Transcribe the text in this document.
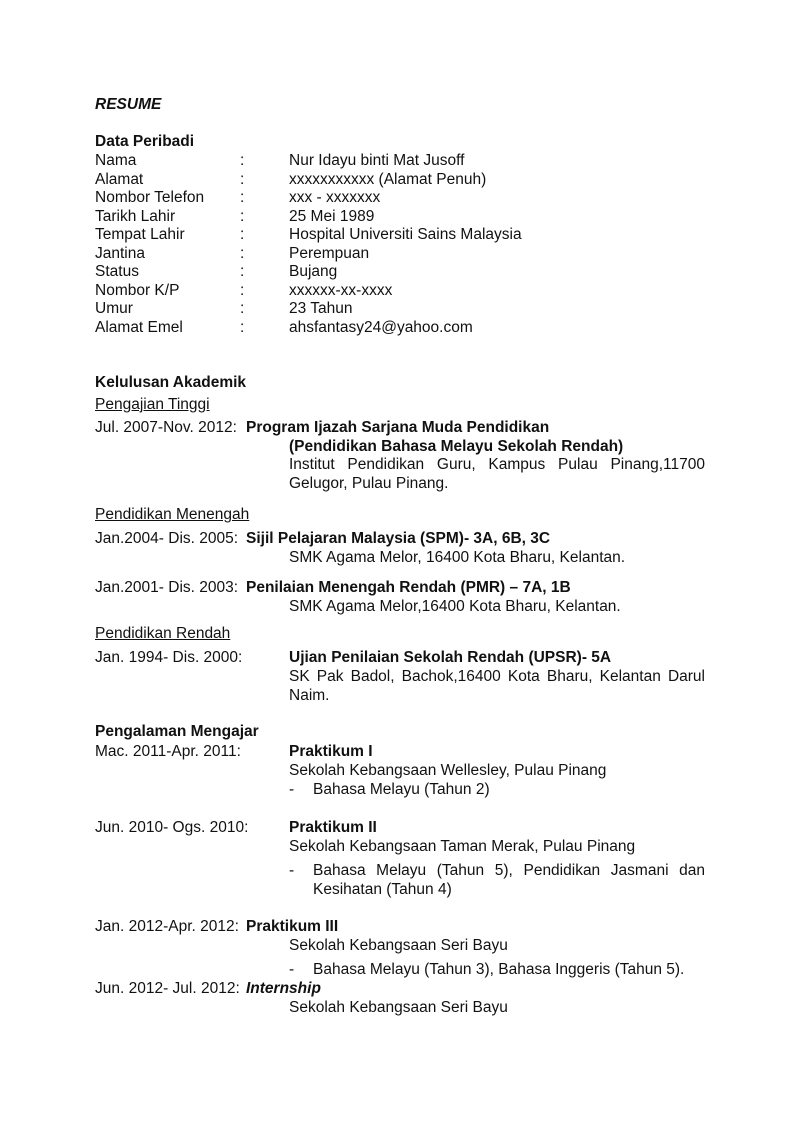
RESUME
Data Peribadi
Nama	:	Nur Idayu binti Mat Jusoff
Alamat	:	xxxxxxxxxxx (Alamat Penuh)
Nombor Telefon :	xxx - xxxxxxx
Tarikh Lahir	:	25 Mei 1989
Tempat Lahir	:	Hospital Universiti Sains Malaysia
Jantina	:	Perempuan
Status	:	Bujang
Nombor K/P	:	xxxxxx-xx-xxxx
Umur	:	23 Tahun
Alamat Emel	:	ahsfantasy24@yahoo.com
Kelulusan Akademik
Pengajian Tinggi
Jul. 2007-Nov. 2012: Program Ijazah Sarjana Muda Pendidikan
(Pendidikan Bahasa Melayu Sekolah Rendah)
Institut Pendidikan Guru, Kampus Pulau Pinang,11700 Gelugor, Pulau Pinang.
Pendidikan Menengah
Jan.2004- Dis. 2005: Sijil Pelajaran Malaysia (SPM)- 3A, 6B, 3C
SMK Agama Melor, 16400 Kota Bharu, Kelantan.
Jan.2001- Dis. 2003: Penilaian Menengah Rendah (PMR) – 7A, 1B
SMK Agama Melor,16400 Kota Bharu, Kelantan.
Pendidikan Rendah
Jan. 1994- Dis. 2000:	Ujian Penilaian Sekolah Rendah (UPSR)- 5A
SK Pak Badol, Bachok,16400 Kota Bharu, Kelantan Darul Naim.
Pengalaman Mengajar
Mac. 2011-Apr. 2011:	Praktikum I
Sekolah Kebangsaan Wellesley, Pulau Pinang
- Bahasa Melayu (Tahun 2)
Jun. 2010- Ogs. 2010:	Praktikum II
Sekolah Kebangsaan Taman Merak, Pulau Pinang
- Bahasa Melayu (Tahun 5), Pendidikan Jasmani dan Kesihatan (Tahun 4)
Jan. 2012-Apr. 2012: Praktikum III
Sekolah Kebangsaan Seri Bayu
- Bahasa Melayu (Tahun 3), Bahasa Inggeris (Tahun 5).
Jun. 2012- Jul. 2012: Internship
Sekolah Kebangsaan Seri Bayu
